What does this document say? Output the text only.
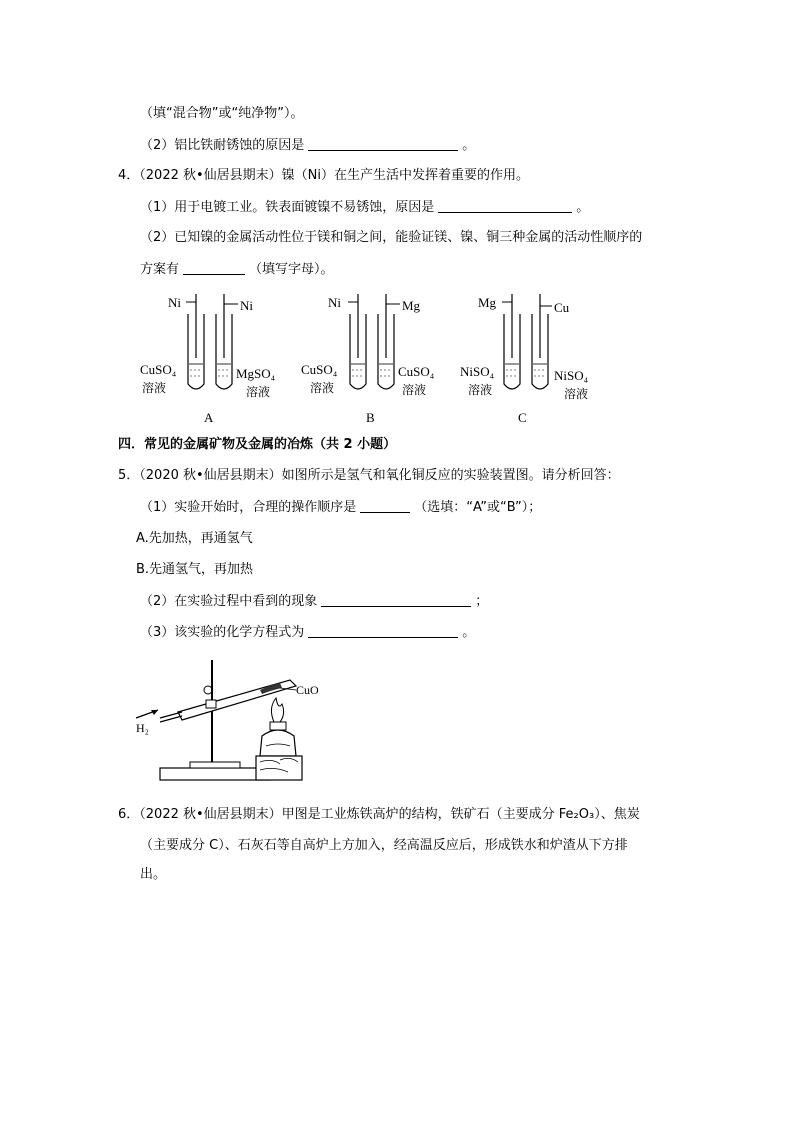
（填“混合物”或“纯净物”）。
（2）铝比铁耐锈蚀的原因是	。
4．（2022 秋•仙居县期末）镍（Ni）在生产生活中发挥着重要的作用。
（1）用于电镀工业。铁表面镀镍不易锈蚀，原因是	。
（2）已知镍的金属活动性位于镁和铜之间，能验证镁、镍、铜三种金属的活动性顺序的
方案有	（填写字母）。
Ni
CuSO₄
溶液
Ni
MgSO₄
溶液
A
Ni
CuSO₄
溶液
Mg
CuSO₄
溶液
B
Mg
NiSO₄
溶液
Cu
NiSO₄
溶液
C
四．常见的金属矿物及金属的冶炼（共 2 小题）
5．（2020 秋•仙居县期末）如图所示是氢气和氧化铜反应的实验装置图。请分析回答：
（1）实验开始时，合理的操作顺序是	（选填：“A”或“B”）；
A.先加热，再通氢气
B.先通氢气，再加热
（2）在实验过程中看到的现象	；
（3）该实验的化学方程式为	。
H₂
CuO
6．（2022 秋•仙居县期末）甲图是工业炼铁高炉的结构，铁矿石（主要成分 Fe₂O₃）、焦炭
（主要成分 C）、石灰石等自高炉上方加入，经高温反应后，形成铁水和炉渣从下方排
出。
